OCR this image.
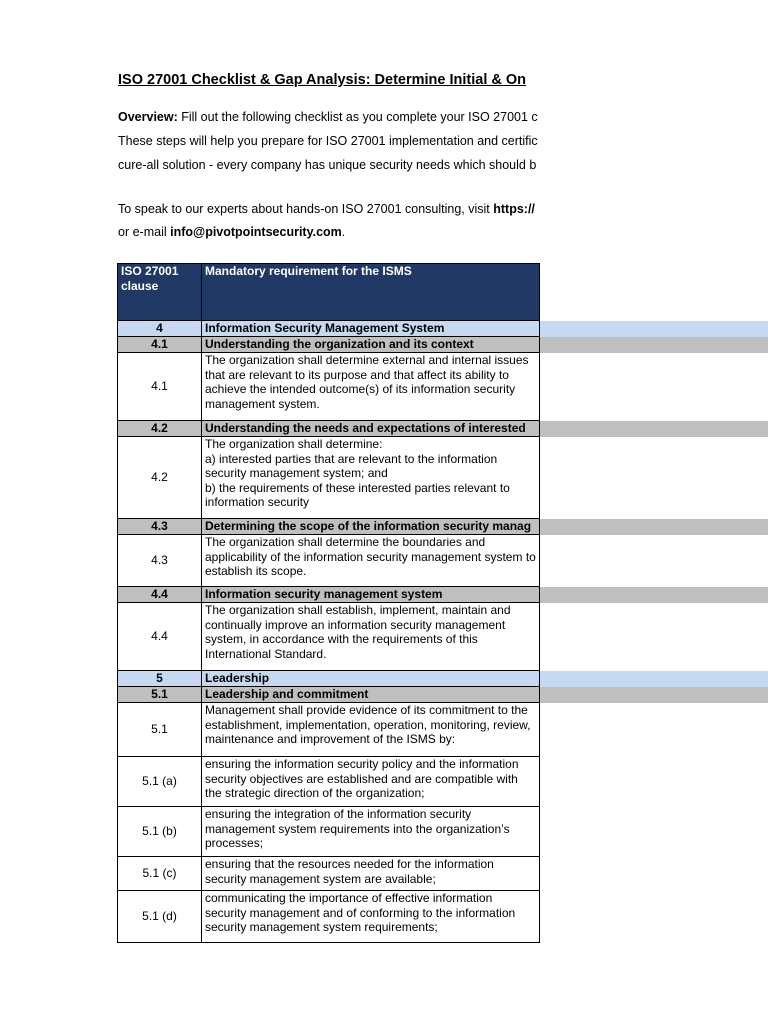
ISO 27001 Checklist & Gap Analysis: Determine Initial & On
Overview: Fill out the following checklist as you complete your ISO 27001 c
These steps will help you prepare for ISO 27001 implementation and certific
cure-all solution - every company has unique security needs which should b
To speak to our experts about hands-on ISO 27001 consulting, visit https://
or e-mail info@pivotpointsecurity.com.
ISO 27001 clause	Mandatory requirement for the ISMS	
4	Information Security Management System	
4.1	Understanding the organization and its context	
4.1	The organization shall determine external and internal issues that are relevant to its purpose and that affect its ability to achieve the intended outcome(s) of its information security management system.	
4.2	Understanding the needs and expectations of interested	
4.2	The organization shall determine:
a) interested parties that are relevant to the information security management system; and
b) the requirements of these interested parties relevant to information security	
4.3	Determining the scope of the information security manag	
4.3	The organization shall determine the boundaries and applicability of the information security management system to establish its scope.	
4.4	Information security management system	
4.4	The organization shall establish, implement, maintain and continually improve an information security management system, in accordance with the requirements of this International Standard.	
5	Leadership	
5.1	Leadership and commitment	
5.1	Management shall provide evidence of its commitment to the establishment, implementation, operation, monitoring, review, maintenance and improvement of the ISMS by:	
5.1 (a)	ensuring the information security policy and the information security objectives are established and are compatible with the strategic direction of the organization;	
5.1 (b)	ensuring the integration of the information security management system requirements into the organization’s processes;	
5.1 (c)	ensuring that the resources needed for the information security management system are available;	
5.1 (d)	communicating the importance of effective information security management and of conforming to the information security management system requirements;	
